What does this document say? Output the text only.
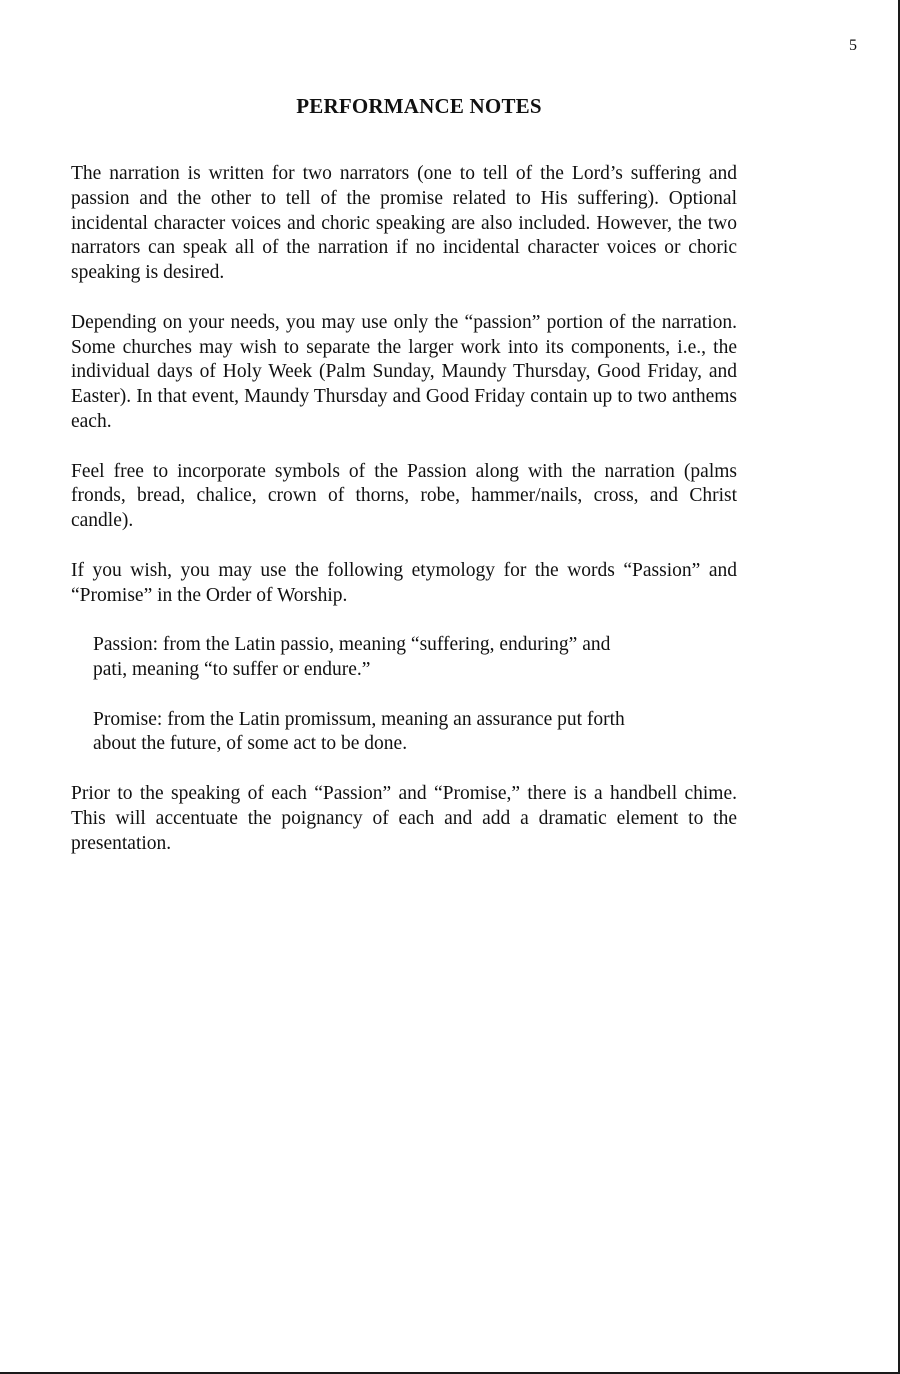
5
PERFORMANCE NOTES

The narration is written for two narrators (one to tell of the Lord’s suffering and passion and the other to tell of the promise related to His suffering). Optional incidental character voices and choric speaking are also included. However, the two narrators can speak all of the narration if no incidental character voices or choric speaking is desired.

Depending on your needs, you may use only the “passion” portion of the narration. Some churches may wish to separate the larger work into its components, i.e., the individual days of Holy Week (Palm Sunday, Maundy Thursday, Good Friday, and Easter). In that event, Maundy Thursday and Good Friday contain up to two anthems each.

Feel free to incorporate symbols of the Passion along with the narration (palms fronds, bread, chalice, crown of thorns, robe, hammer/nails, cross, and Christ candle).

If you wish, you may use the following etymology for the words “Passion” and “Promise” in the Order of Worship.

Passion: from the Latin passio, meaning “suffering, enduring” and
pati, meaning “to suffer or endure.”
Promise: from the Latin promissum, meaning an assurance put forth
about the future, of some act to be done.

Prior to the speaking of each “Passion” and “Promise,” there is a handbell chime. This will accentuate the poignancy of each and add a dramatic element to the presentation.
